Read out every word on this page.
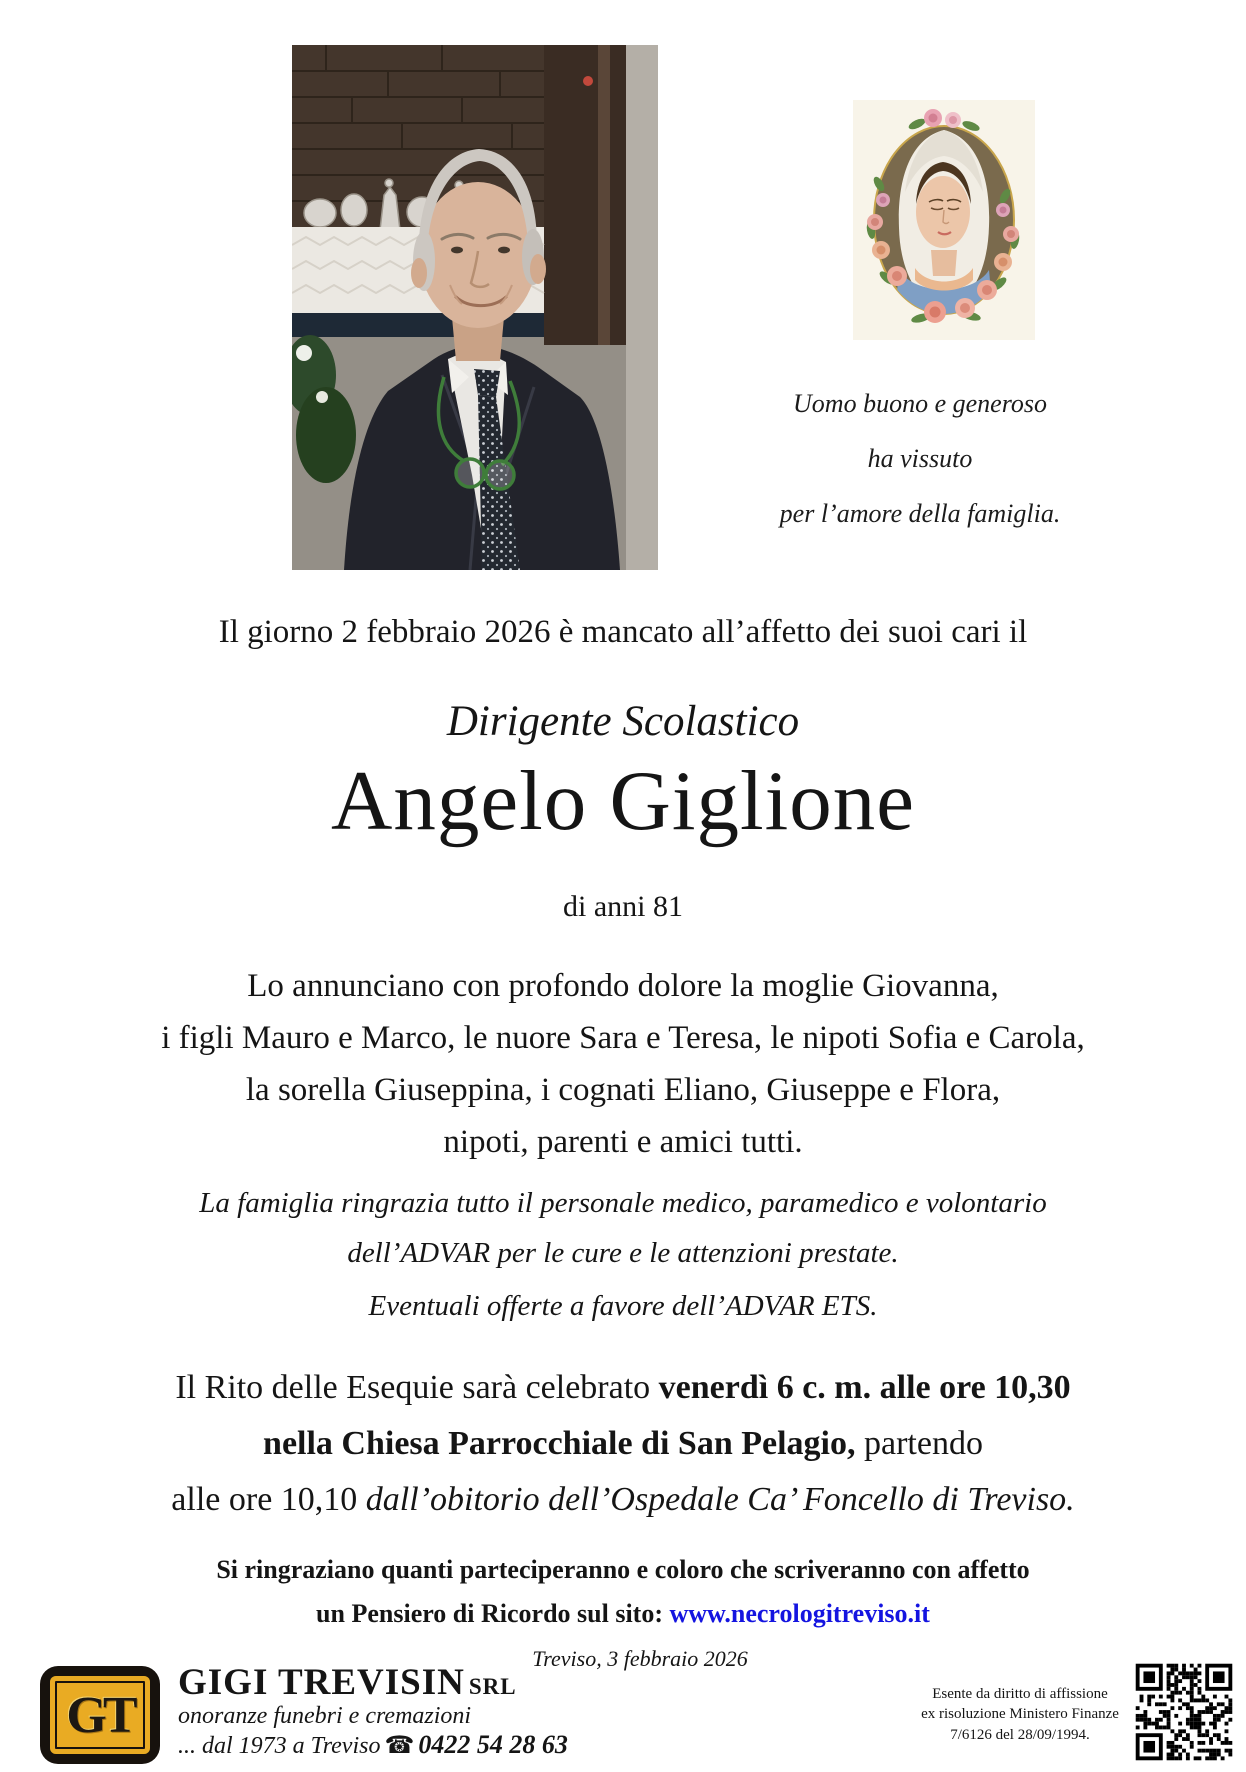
Uomo buono e generoso
ha vissuto
per l’amore della famiglia.
Il giorno 2 febbraio 2026 è mancato all’affetto dei suoi cari il
Dirigente Scolastico
Angelo Giglione
di anni 81
Lo annunciano con profondo dolore la moglie Giovanna,
i figli Mauro e Marco, le nuore Sara e Teresa, le nipoti Sofia e Carola,
la sorella Giuseppina, i cognati Eliano, Giuseppe e Flora,
nipoti, parenti e amici tutti.
La famiglia ringrazia tutto il personale medico, paramedico e volontario
dell’ADVAR per le cure e le attenzioni prestate.
Eventuali offerte a favore dell’ADVAR ETS.
Il Rito delle Esequie sarà celebrato venerdì 6 c. m. alle ore 10,30
nella Chiesa Parrocchiale di San Pelagio, partendo
alle ore 10,10 dall’obitorio dell’Ospedale Ca’ Foncello di Treviso.
Si ringraziano quanti parteciperanno e coloro che scriveranno con affetto
un Pensiero di Ricordo sul sito: www.necrologitreviso.it
Treviso, 3 febbraio 2026
GT
GIGI TREVISIN SRL
onoranze funebri e cremazioni
... dal 1973 a Treviso ☎ 0422 54 28 63
Esente da diritto di affissione
ex risoluzione Ministero Finanze
7/6126 del 28/09/1994.
